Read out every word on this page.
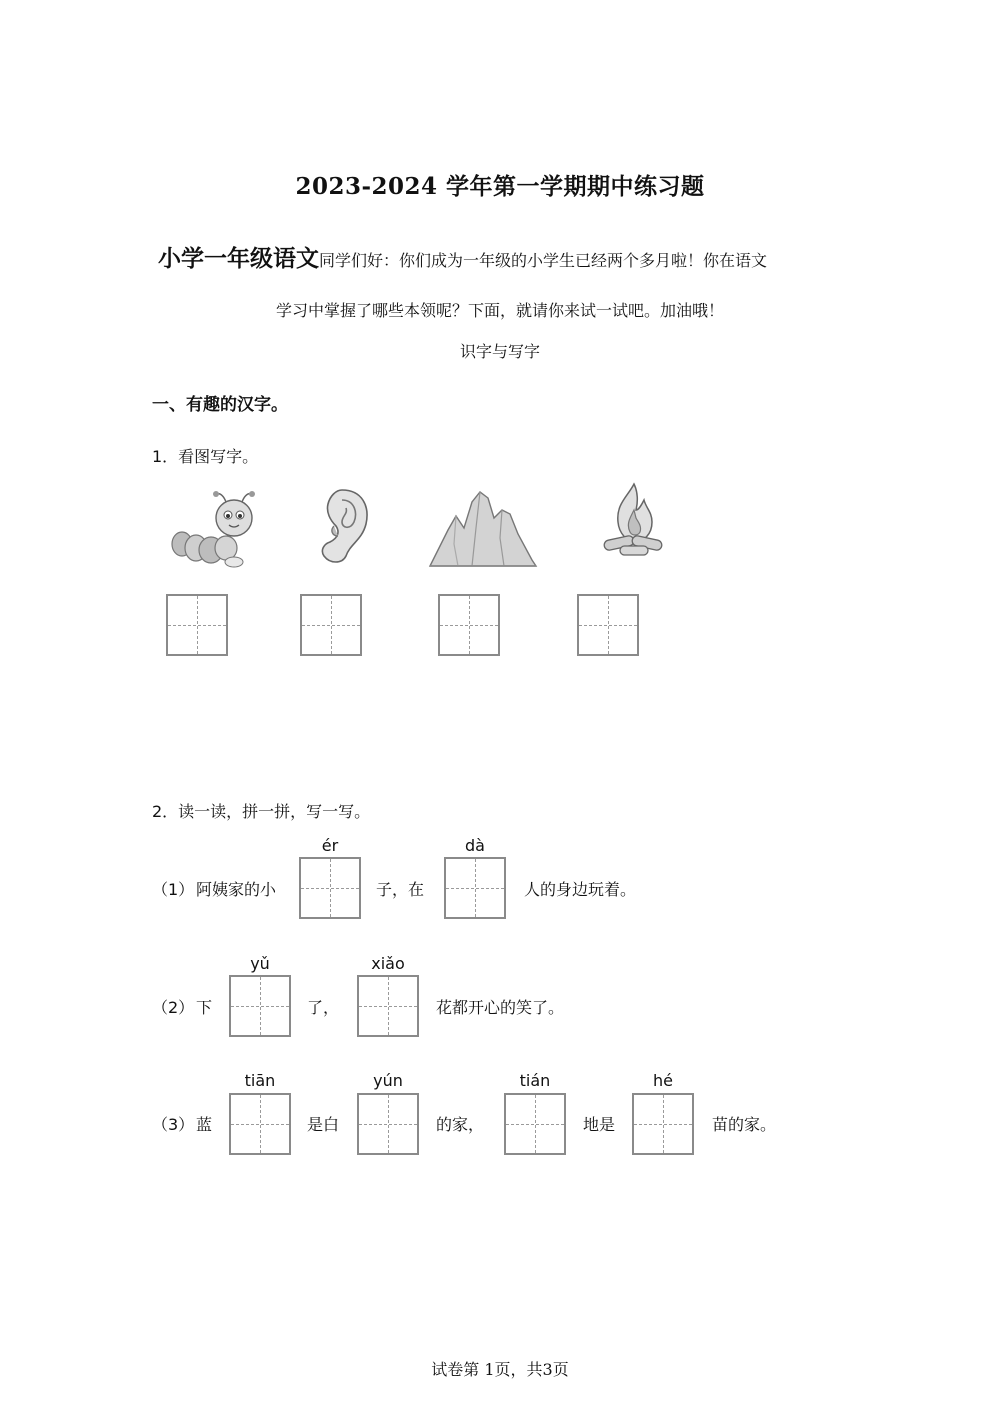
2023-2024 学年第一学期期中练习题
小学一年级语文同学们好：你们成为一年级的小学生已经两个多月啦！你在语文
学习中掌握了哪些本领呢？下面，就请你来试一试吧。加油哦！
识字与写字
一、有趣的汉字。
1．看图写字。
2．读一读，拼一拼，写一写。
（1） 阿姨家的小
ér
子，在
dà
人的身边玩着。
（2） 下
yǔ
了，
xiǎo
花都开心的笑了。
（3） 蓝
tiān
是白
yún
的家，
tián
地是
hé
苗的家。
试卷第 1页，共3页
